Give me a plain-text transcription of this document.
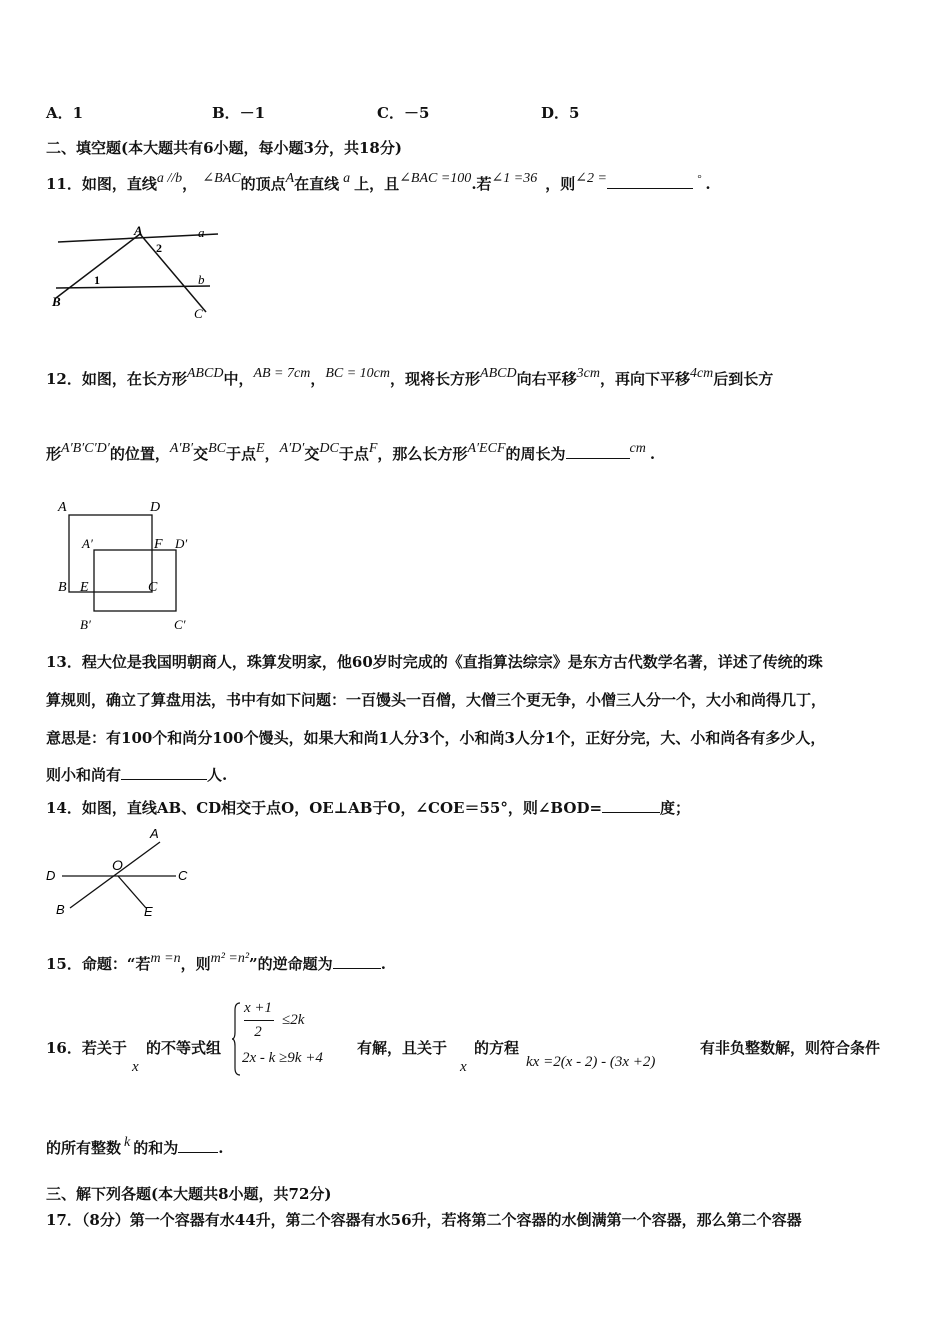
A．1	B．－1	C．－5	D．5
二、填空题(本大题共有6小题，每小题3分，共18分)
11．如图，直线a //b， ∠BAC的顶点A在直线 a 上，且∠BAC =100.若∠1 =36 ，则∠2 =	° .
a
b
A
B
C
1
2
12．如图，在长方形ABCD中，AB = 7cm，BC = 10cm，现将长方形ABCD向右平移3cm，再向下平移4cm后到长方
形A′B′C′D′的位置，A′B′交BC于点E，A′D′交DC于点F，那么长方形A′ECF的周长为	cm .
A	D
A′	F D′
B E	C
B′	C′
13．程大位是我国明朝商人，珠算发明家，他60岁时完成的《直指算法综宗》是东方古代数学名著，详述了传统的珠
算规则，确立了算盘用法，书中有如下问题：一百馒头一百僧，大僧三个更无争，小僧三人分一个，大小和尚得几丁，
意思是：有100个和尚分100个馒头，如果大和尚1人分3个，小和尚3人分1个，正好分完，大、小和尚各有多少人，
则小和尚有	人.
14．如图，直线AB、CD相交于点O，OE⊥AB于O，∠COE＝55°，则∠BOD=	度；
A
D
O
C
B	E
15．命题：“若m =n，则m² =n²”的逆命题为	.
16．若关于
x
的不等式组
x +1
2
≤2k
2x - k ≥9k +4
有解，且关于
x
的方程
kx =2(x - 2) - (3x +2)
有非负整数解，则符合条件
的所有整数 k 的和为	.
三、解下列各题(本大题共8小题，共72分)
17．（8分）第一个容器有水44升，第二个容器有水56升，若将第二个容器的水倒满第一个容器，那么第二个容器
